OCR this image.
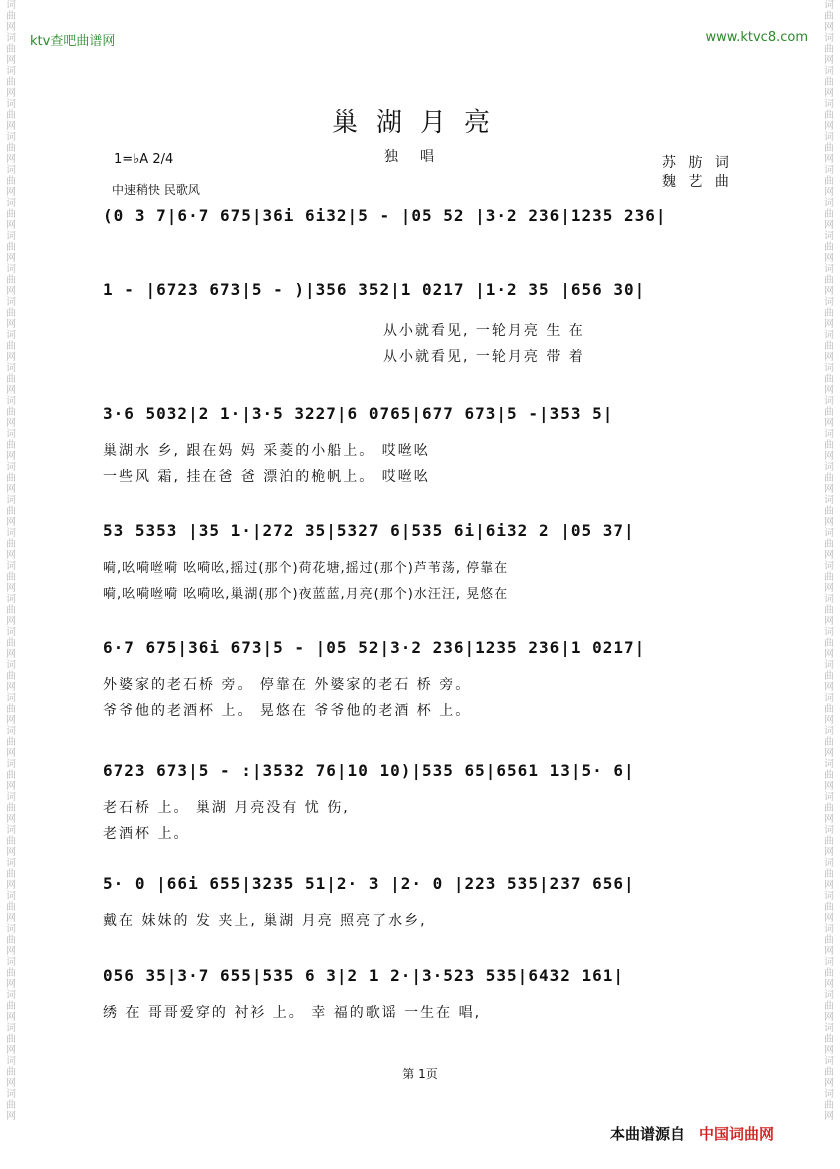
词
曲
网
词
曲
网
词
曲
网
词
曲
网
词
曲
网
词
曲
网
词
曲
网
词
曲
网
词
曲
网
词
曲
网
词
曲
网
词
曲
网
词
曲
网
词
曲
网
词
曲
网
词
曲
网
词
曲
网
词
曲
网
词
曲
网
词
曲
网
词
曲
网
词
曲
网
词
曲
网
词
曲
网
词
曲
网
词
曲
网
词
曲
网
词
曲
网
词
曲
网
词
曲
网
词
曲
网
词
曲
网
词
曲
网
词
曲
网
词
曲
网
词
曲
网
词
曲
网
词
曲
网
词
曲
网
词
曲
网
词
曲
网
词
曲
网
词
曲
网
词
曲
网
词
曲
网
词
曲
网
词
曲
网
词
曲
网
词
曲
网
词
曲
网
词
曲
网
词
曲
网
词
曲
网
词
曲
网
词
曲
网
词
曲
网
词
曲
网
词
曲
网
词
曲
网
词
曲
网
词
曲
网
词
曲
网
词
曲
网
词
曲
网
词
曲
网
词
曲
网
词
曲
网
词
曲
网
ktv查吧曲谱网	www.ktvc8.com
巢湖月亮
独唱
1=♭A 2/4
中速稍快 民歌风
苏 肪 词
魏 艺 曲
(0 3 7|6·7 675|36i 6i32|5 - |05 52 |3·2 236|1235 236|
1 - |6723 673|5 - )|356 352|1 0217 |1·2 35 |656 30|
从小就看见, 一轮月亮 生 在
从小就看见, 一轮月亮 带 着
3·6 5032|2 1·|3·5 3227|6 0765|677 673|5 -|353 5|
巢湖水 乡, 跟在妈 妈 采菱的小船上。 哎咝吆
一些风 霜, 挂在爸 爸 漂泊的桅帆上。 哎咝吆
53 5353 |35 1·|272 35|5327 6|535 6i|6i32 2 |05 37|
嗬,吆嗬咝嗬 吆嗬吆,摇过(那个)荷花塘,摇过(那个)芦苇荡, 停靠在
嗬,吆嗬咝嗬 吆嗬吆,巢湖(那个)夜蓝蓝,月亮(那个)水汪汪, 晃悠在
6·7 675|36i 673|5 - |05 52|3·2 236|1235 236|1 0217|
外婆家的老石桥 旁。 停靠在 外婆家的老石 桥 旁。
爷爷他的老酒杯 上。 晃悠在 爷爷他的老酒 杯 上。
6723 673|5 - :|3532 76|10 10)|535 65|6561 13|5· 6|
老石桥 上。 巢湖 月亮没有 忧 伤,
老酒杯 上。
5· 0 |66i 655|3235 51|2· 3 |2· 0 |223 535|237 656|
戴在 妹妹的 发 夹上, 巢湖 月亮 照亮了水乡,
056 35|3·7 655|535 6 3|2 1 2·|3·523 535|6432 161|
绣 在 哥哥爱穿的 衬衫 上。 幸 福的歌谣 一生在 唱,
第 1页
本曲谱源自 中国词曲网
